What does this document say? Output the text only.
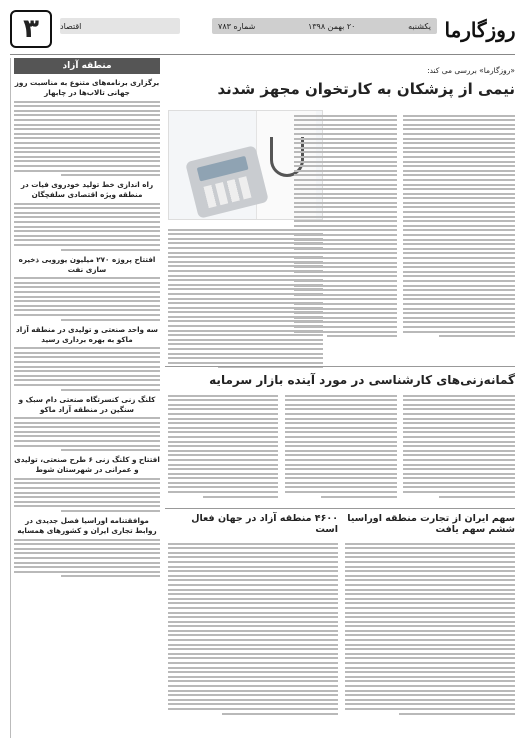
روزگارما
یکشنبه
۲۰ بهمن ۱۳۹۸
شماره ۷۸۳
اقتصاد
۳
منطقه آزاد
برگزاری برنامه‌های متنوع به مناسبت روز جهانی تالاب‌ها در چابهار
راه اندازی خط تولید خودروی فیات در منطقه ویژه اقتصادی سلفچگان
افتتاح پروژه ۲۷۰ میلیون یورویی ذخیره سازی نفت
سه واحد صنعتی و تولیدی در منطقه آزاد ماکو به بهره برداری رسید
کلنگ زنی کنسرتگاه صنعتی دام سبک و سنگین در منطقه آزاد ماکو
افتتاح و کلنگ زنی ۶ طرح صنعتی، تولیدی و عمرانی در شهرستان شوط
موافقتنامه اوراسیا فصل جدیدی در روابط تجاری ایران و کشورهای همسایه
«روزگارما» بررسی می کند:
نیمی از پزشکان به کارتخوان مجهز شدند
گمانه‌زنی‌های کارشناسی در مورد آینده بازار سرمایه
سهم ایران از تجارت منطقه اوراسیا ششم‌ سهم یافت
۴۶۰۰ منطقه آزاد در جهان فعال است
